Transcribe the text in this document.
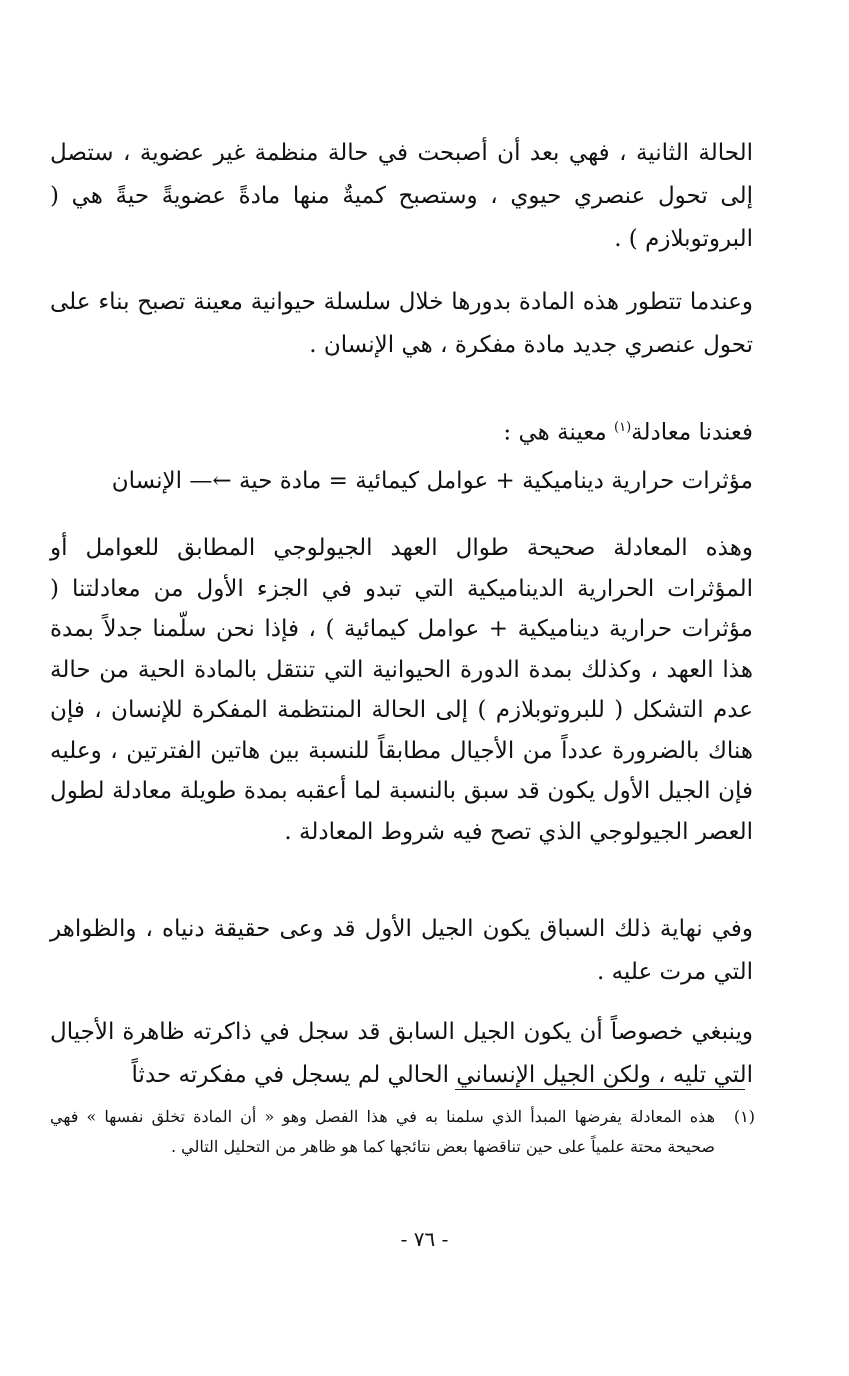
الحالة الثانية ، فهي بعد أن أصبحت في حالة منظمة غير عضوية ، ستصل إلى تحول عنصري حيوي ، وستصبح كميةٌ منها مادةً عضويةً حيةً هي ( البروتوبلازم ) .

وعندما تتطور هذه المادة بدورها خلال سلسلة حيوانية معينة تصبح بناء على تحول عنصري جديد مادة مفكرة ، هي الإنسان .

فعندنا معادلة$^{(١)}$ معينة هي :

مؤثرات حرارية ديناميكية + عوامل كيمائية = مادة حية ←— الإنسان

وهذه المعادلة صحيحة طوال العهد الجيولوجي المطابق للعوامل أو المؤثرات الحرارية الديناميكية التي تبدو في الجزء الأول من معادلتنا ( مؤثرات حرارية ديناميكية + عوامل كيمائية ) ، فإذا نحن سلّمنا جدلاً بمدة هذا العهد ، وكذلك بمدة الدورة الحيوانية التي تنتقل بالمادة الحية من حالة عدم التشكل ( للبروتوبلازم ) إلى الحالة المنتظمة المفكرة للإنسان ، فإن هناك بالضرورة عدداً من الأجيال مطابقاً للنسبة بين هاتين الفترتين ، وعليه فإن الجيل الأول يكون قد سبق بالنسبة لما أعقبه بمدة طويلة معادلة لطول العصر الجيولوجي الذي تصح فيه شروط المعادلة .

وفي نهاية ذلك السباق يكون الجيل الأول قد وعى حقيقة دنياه ، والظواهر التي مرت عليه .

وينبغي خصوصاً أن يكون الجيل السابق قد سجل في ذاكرته ظاهرة الأجيال التي تليه ، ولكن الجيل الإنساني الحالي لم يسجل في مفكرته حدثاً

(١)
هذه المعادلة يفرضها المبدأ الذي سلمنا به في هذا الفصل وهو « أن المادة تخلق نفسها » فهي صحيحة محتة علمياً على حين تناقضها بعض نتائجها كما هو ظاهر من التحليل التالي .
- ٧٦ -
